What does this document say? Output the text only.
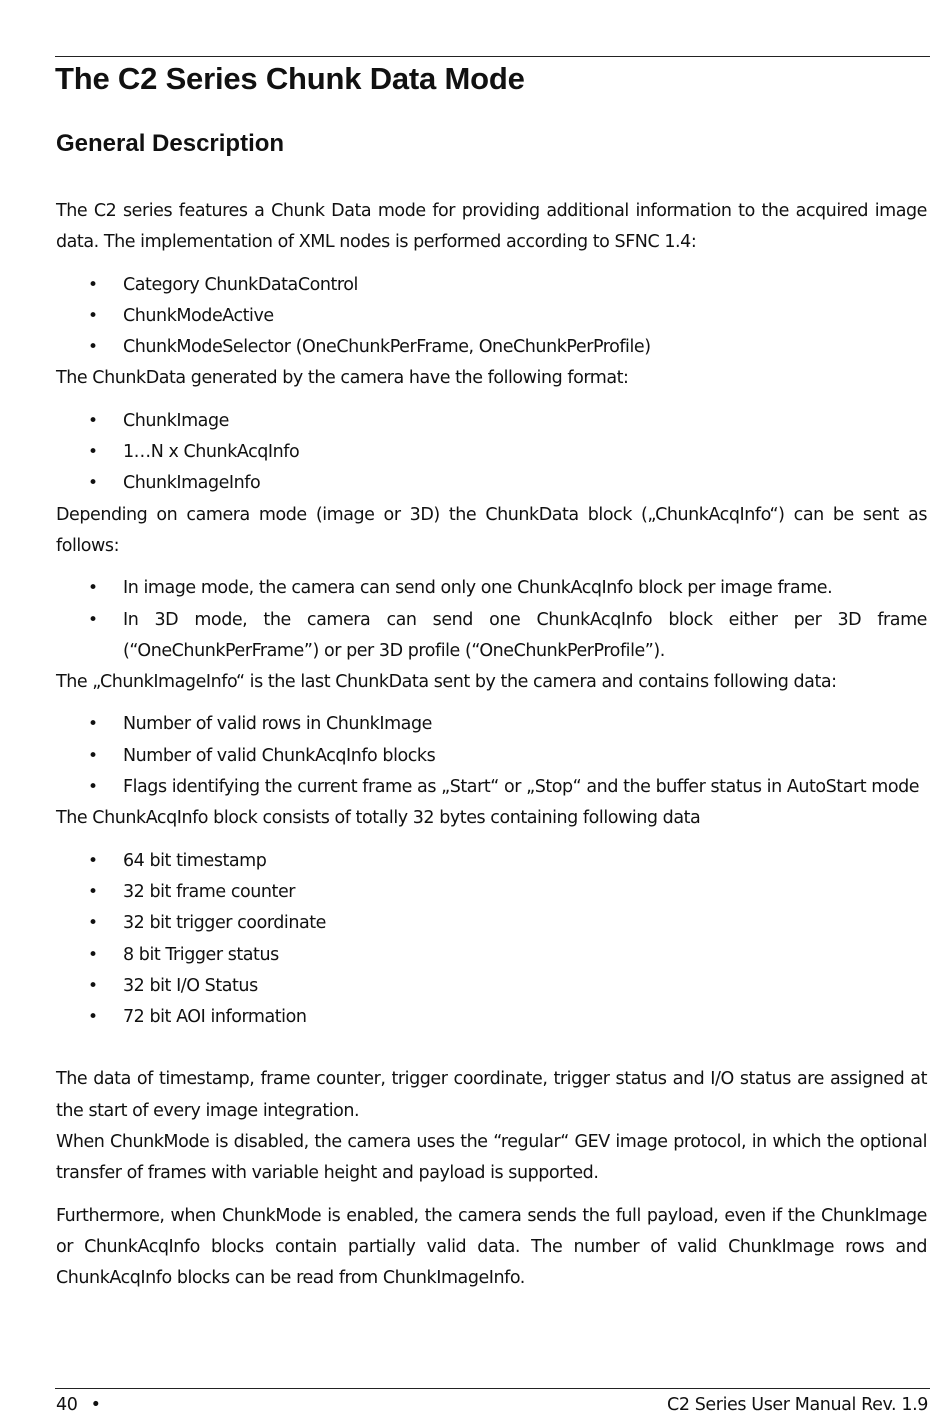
The C2 Series Chunk Data Mode
General Description

The C2 series features a Chunk Data mode for providing additional information to the acquired image data. The implementation of XML nodes is performed according to SFNC 1.4:

• Category ChunkDataControl
• ChunkModeActive
• ChunkModeSelector (OneChunkPerFrame, OneChunkPerProfile)

The ChunkData generated by the camera have the following format:

• ChunkImage
• 1…N x ChunkAcqInfo
• ChunkImageInfo

Depending on camera mode (image or 3D) the ChunkData block („ChunkAcqInfo“) can be sent as follows:

• In image mode, the camera can send only one ChunkAcqInfo block per image frame.
• In 3D mode, the camera can send one ChunkAcqInfo block either per 3D frame (“OneChunkPerFrame”) or per 3D profile (“OneChunkPerProfile”).

The „ChunkImageInfo“ is the last ChunkData sent by the camera and contains following data:

• Number of valid rows in ChunkImage
• Number of valid ChunkAcqInfo blocks
• Flags identifying the current frame as „Start“ or „Stop“ and the buffer status in AutoStart mode

The ChunkAcqInfo block consists of totally 32 bytes containing following data

• 64 bit timestamp
• 32 bit frame counter
• 32 bit trigger coordinate
• 8 bit Trigger status
• 32 bit I/O Status
• 72 bit AOI information

The data of timestamp, frame counter, trigger coordinate, trigger status and I/O status are assigned at the start of every image integration.

When ChunkMode is disabled, the camera uses the “regular“ GEV image protocol, in which the optional transfer of frames with variable height and payload is supported.

Furthermore, when ChunkMode is enabled, the camera sends the full payload, even if the ChunkImage or ChunkAcqInfo blocks contain partially valid data. The number of valid ChunkImage rows and ChunkAcqInfo blocks can be read from ChunkImageInfo.

40 •	C2 Series User Manual Rev. 1.9
